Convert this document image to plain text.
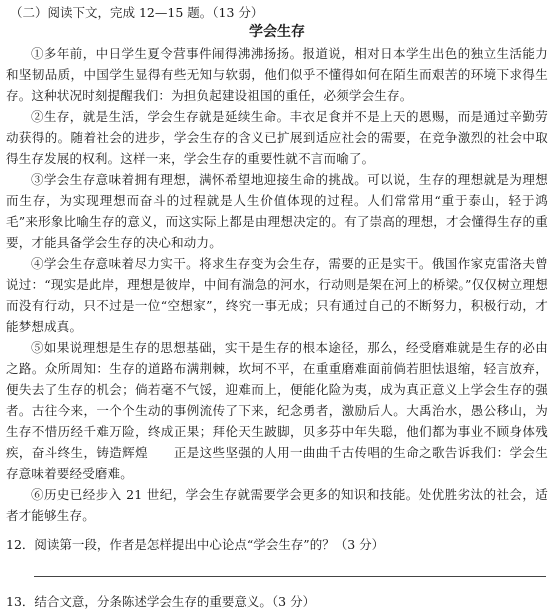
（二）阅读下文，完成 12—15 题。（13 分）

学会生存

①多年前，中日学生夏令营事件闹得沸沸扬扬。报道说，相对日本学生出色的独立生活能力和坚韧品质，中国学生显得有些无知与软弱，他们似乎不懂得如何在陌生而艰苦的环境下求得生存。这种状况时刻提醒我们：为担负起建设祖国的重任，必须学会生存。

②生存，就是生活，学会生存就是延续生命。丰衣足食并不是上天的恩赐，而是通过辛勤劳动获得的。随着社会的进步，学会生存的含义已扩展到适应社会的需要，在竞争激烈的社会中取得生存发展的权利。这样一来，学会生存的重要性就不言而喻了。

③学会生存意味着拥有理想，满怀希望地迎接生命的挑战。可以说，生存的理想就是为理想而生存，为实现理想而奋斗的过程就是人生价值体现的过程。人们常常用“重于泰山，轻于鸿毛”来形象比喻生存的意义，而这实际上都是由理想决定的。有了崇高的理想，才会懂得生存的重要，才能具备学会生存的决心和动力。

④学会生存意味着尽力实干。将求生存变为会生存，需要的正是实干。俄国作家克雷洛夫曾说过：“现实是此岸，理想是彼岸，中间有湍急的河水，行动则是架在河上的桥梁。”仅仅树立理想而没有行动，只不过是一位“空想家”，终究一事无成；只有通过自己的不断努力，积极行动，才能梦想成真。

⑤如果说理想是生存的思想基础，实干是生存的根本途径，那么，经受磨难就是生存的必由之路。众所周知：生存的道路布满荆棘，坎坷不平，在重重磨难面前倘若胆怯退缩，轻言放弃，便失去了生存的机会；倘若毫不气馁，迎难而上，便能化险为夷，成为真正意义上学会生存的强者。古往今来，一个个生动的事例流传了下来，纪念勇者，激励后人。大禹治水，愚公移山，为生存不惜历经千难万险，终成正果；拜伦天生跛脚，贝多芬中年失聪，他们都为事业不顾身体残疾，奋斗终生，铸造辉煌　　正是这些坚强的人用一曲曲千古传唱的生命之歌告诉我们：学会生存意味着要经受磨难。

⑥历史已经步入 21 世纪，学会生存就需要学会更多的知识和技能。处优胜劣汰的社会，适者才能够生存。

12．阅读第一段，作者是怎样提出中心论点“学会生存”的？（3 分）

13．结合文意，分条陈述学会生存的重要意义。（3 分）
